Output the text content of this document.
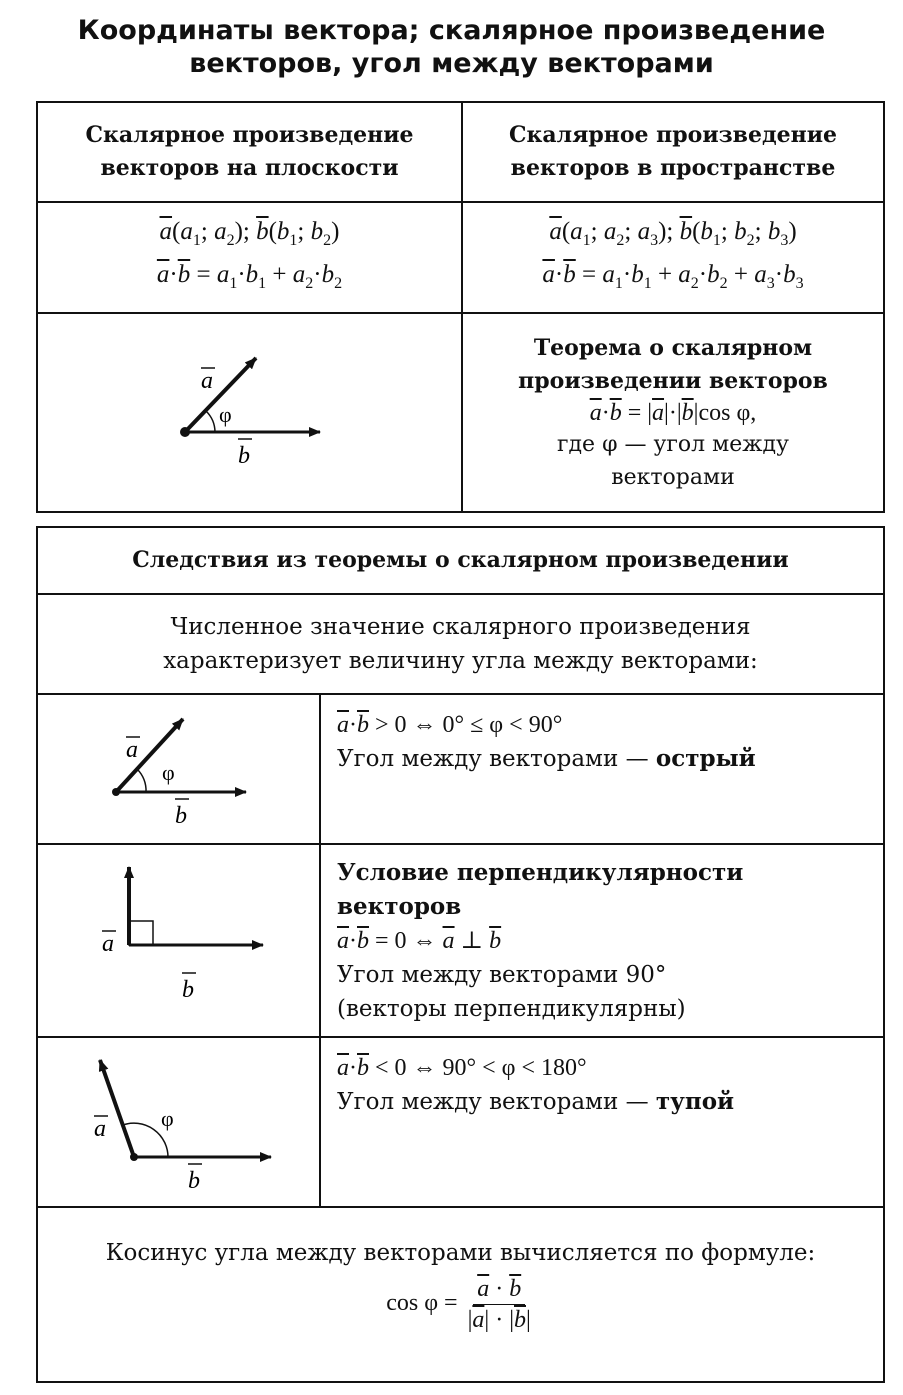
Координаты вектора; скалярное произведение
векторов, угол между векторами
Скалярное произведение
векторов на плоскости
Скалярное произведение
векторов в пространстве
$\overline{a}(a_1$; $a_2$); $\overline{b}(b_1$; $b_2$)
$\overline{a}\cdot\overline{b} = a_1\cdot b_1 + a_2\cdot b_2$
$\overline{a}(a_1$; $a_2$; $a_3$); $\overline{b}(b_1$; $b_2$; $b_3$)
$\overline{a}\cdot\overline{b} = a_1\cdot b_1 + a_2\cdot b_2 + a_3\cdot b_3$
a
φ
b
Теорема о скалярном
произведении векторов
$\overline{a}\cdot\overline{b} = |\overline{a}|\cdot|\overline{b}|\cos$ φ,
где φ — угол между
векторами
Следствия из теоремы о скалярном произведении
Численное значение скалярного произведения
характеризует величину угла между векторами:
a
φ
b
$\overline{a}\cdot\overline{b} > 0$ ⇔ 0° ≤ φ < 90°
Угол между векторами — острый
a
b
Условие перпендикулярности
векторов
$\overline{a}\cdot\overline{b} = 0$ ⇔ $\overline{a}$ ⊥ $\overline{b}$
Угол между векторами 90°
(векторы перпендикулярны)
a	φ
b
$\overline{a}\cdot\overline{b} < 0$ ⇔ 90° < φ < 180°
Угол между векторами — тупой
Косинус угла между векторами вычисляется по формуле:
$\cos \varphi = \frac{\overline{a} \cdot \overline{b}}{|\overline{a}| \cdot |\overline{b}|}$
